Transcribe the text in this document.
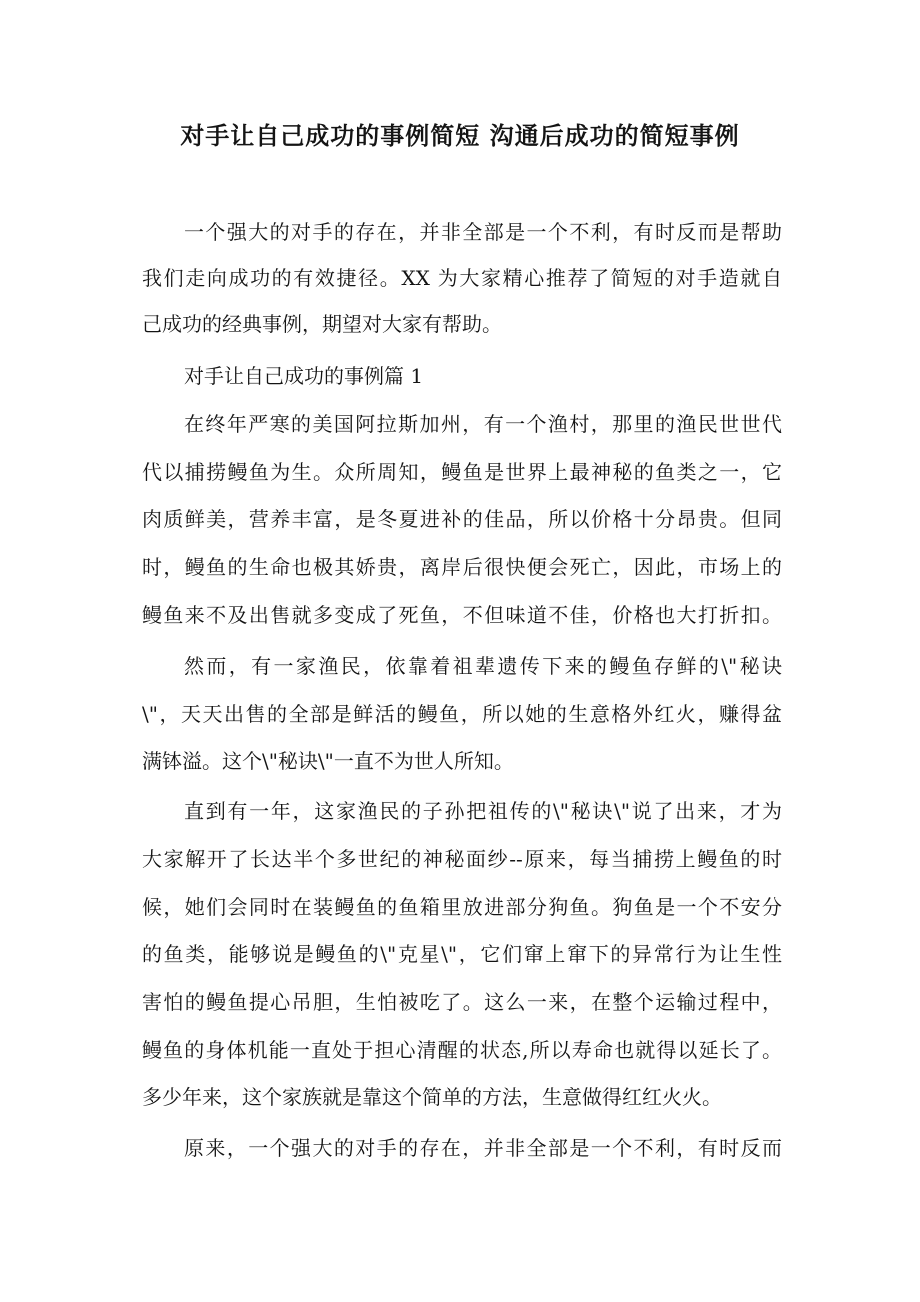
对手让自己成功的事例简短 沟通后成功的简短事例
一个强大的对手的存在，并非全部是一个不利，有时反而是帮助
我们走向成功的有效捷径。XX 为大家精心推荐了简短的对手造就自
己成功的经典事例，期望对大家有帮助。
对手让自己成功的事例篇 1
在终年严寒的美国阿拉斯加州，有一个渔村，那里的渔民世世代
代以捕捞鳗鱼为生。众所周知，鳗鱼是世界上最神秘的鱼类之一，它
肉质鲜美，营养丰富，是冬夏进补的佳品，所以价格十分昂贵。但同
时，鳗鱼的生命也极其娇贵，离岸后很快便会死亡，因此，市场上的
鳗鱼来不及出售就多变成了死鱼，不但味道不佳，价格也大打折扣。
然而，有一家渔民，依靠着祖辈遗传下来的鳗鱼存鲜的\"秘诀
\"，天天出售的全部是鲜活的鳗鱼，所以她的生意格外红火，赚得盆
满钵溢。这个\"秘诀\"一直不为世人所知。
直到有一年，这家渔民的子孙把祖传的\"秘诀\"说了出来，才为
大家解开了长达半个多世纪的神秘面纱--原来，每当捕捞上鳗鱼的时
候，她们会同时在装鳗鱼的鱼箱里放进部分狗鱼。狗鱼是一个不安分
的鱼类，能够说是鳗鱼的\"克星\"，它们窜上窜下的异常行为让生性
害怕的鳗鱼提心吊胆，生怕被吃了。这么一来，在整个运输过程中，
鳗鱼的身体机能一直处于担心清醒的状态,所以寿命也就得以延长了。
多少年来，这个家族就是靠这个简单的方法，生意做得红红火火。
原来，一个强大的对手的存在，并非全部是一个不利，有时反而
